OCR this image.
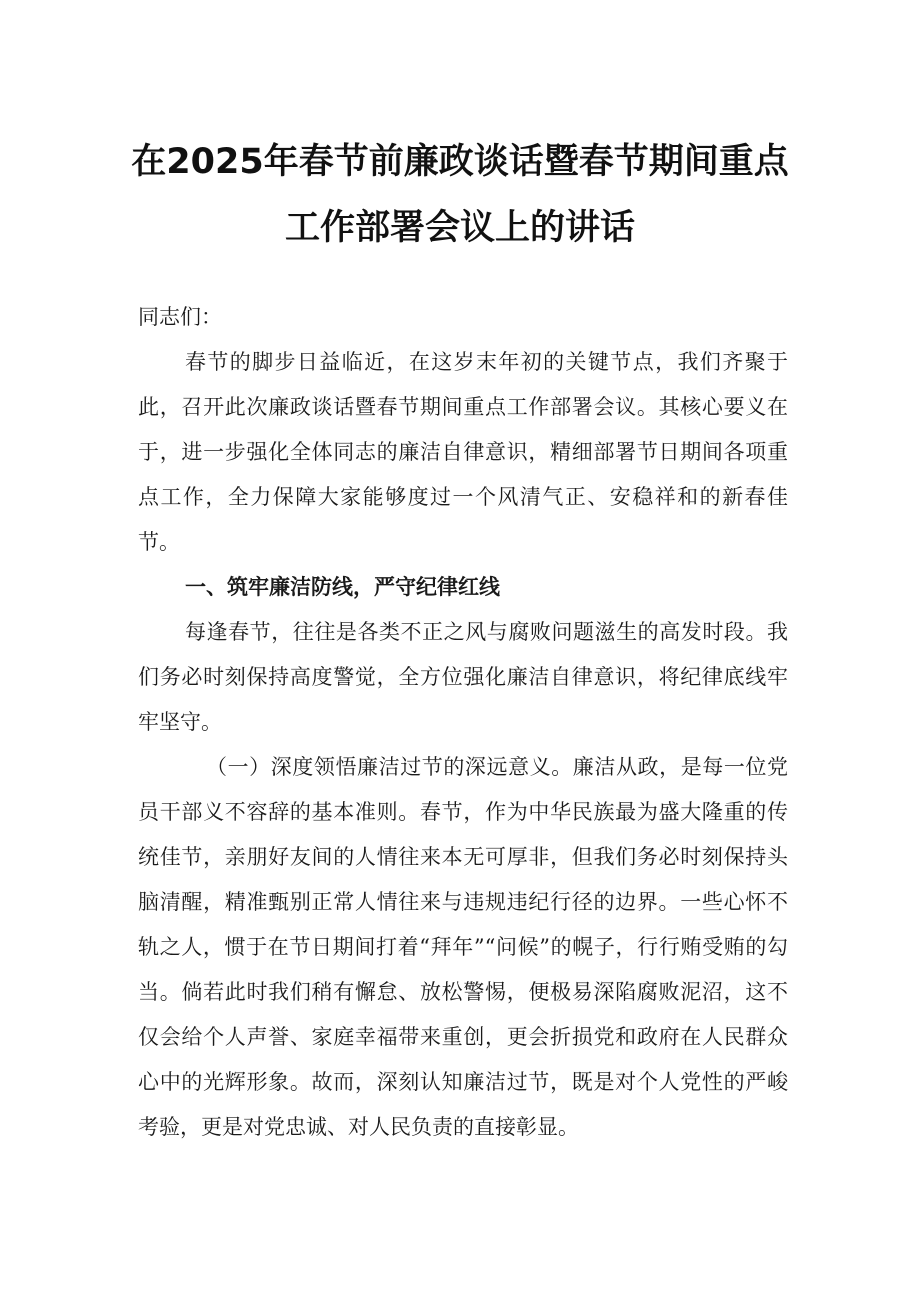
在2025年春节前廉政谈话暨春节期间重点
工作部署会议上的讲话

同志们：

春节的脚步日益临近，在这岁末年初的关键节点，我们齐聚于此，召开此次廉政谈话暨春节期间重点工作部署会议。其核心要义在于，进一步强化全体同志的廉洁自律意识，精细部署节日期间各项重点工作，全力保障大家能够度过一个风清气正、安稳祥和的新春佳节。

一、筑牢廉洁防线，严守纪律红线

每逢春节，往往是各类不正之风与腐败问题滋生的高发时段。我们务必时刻保持高度警觉，全方位强化廉洁自律意识，将纪律底线牢牢坚守。

（一）深度领悟廉洁过节的深远意义。廉洁从政，是每一位党员干部义不容辞的基本准则。春节，作为中华民族最为盛大隆重的传统佳节，亲朋好友间的人情往来本无可厚非，但我们务必时刻保持头脑清醒，精准甄别正常人情往来与违规违纪行径的边界。一些心怀不轨之人，惯于在节日期间打着“拜年”“问候”的幌子，行行贿受贿的勾当。倘若此时我们稍有懈怠、放松警惕，便极易深陷腐败泥沼，这不仅会给个人声誉、家庭幸福带来重创，更会折损党和政府在人民群众心中的光辉形象。故而，深刻认知廉洁过节，既是对个人党性的严峻考验，更是对党忠诚、对人民负责的直接彰显。
